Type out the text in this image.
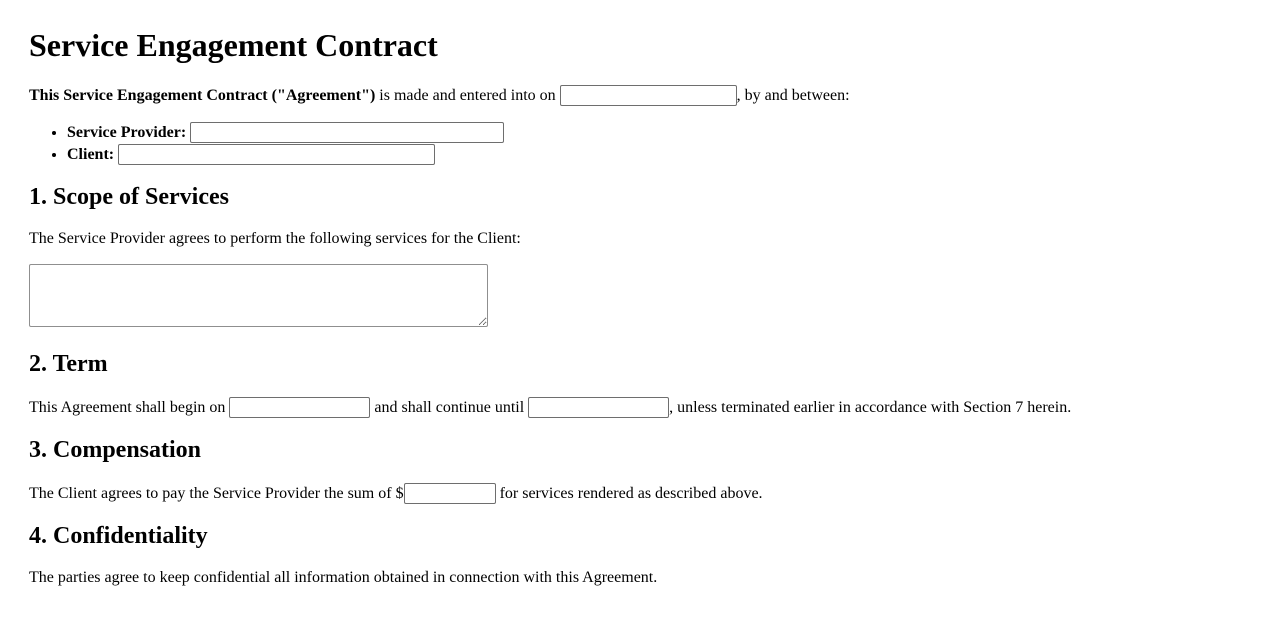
Service Engagement Contract

This Service Engagement Contract ("Agreement") is made and entered into on	, by and between:

• Service Provider:
• Client:
1. Scope of Services

The Service Provider agrees to perform the following services for the Client:

2. Term

This Agreement shall begin on	and shall continue until	, unless terminated earlier in accordance with Section 7 herein.

3. Compensation

The Client agrees to pay the Service Provider the sum of $	for services rendered as described above.

4. Confidentiality

The parties agree to keep confidential all information obtained in connection with this Agreement.
